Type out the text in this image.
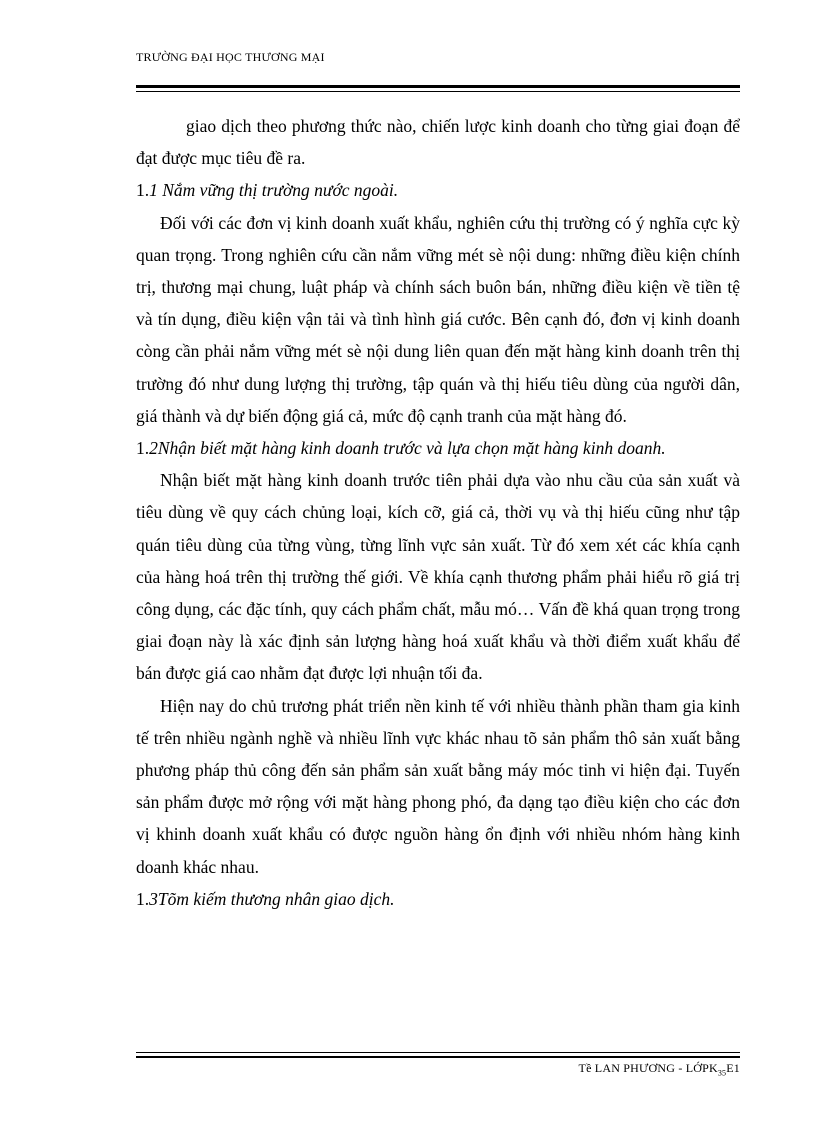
TRƯỜNG ĐẠI HỌC THƯƠNG MẠI

giao dịch theo phương thức nào, chiến lược kinh doanh cho từng giai đoạn để đạt được mục tiêu đề ra.

1.1 Nắm vững thị trường nước ngoài.

Đối với các đơn vị kinh doanh xuất khẩu, nghiên cứu thị trường có ý nghĩa cực kỳ quan trọng. Trong nghiên cứu cần nắm vững mét sè nội dung: những điều kiện chính trị, thương mại chung, luật pháp và chính sách buôn bán, những điều kiện về tiền tệ và tín dụng, điều kiện vận tải và tình hình giá cước. Bên cạnh đó, đơn vị kinh doanh còng cần phải nắm vững mét sè nội dung liên quan đến mặt hàng kinh doanh trên thị trường đó như dung lượng thị trường, tập quán và thị hiếu tiêu dùng của người dân, giá thành và dự biến động giá cả, mức độ cạnh tranh của mặt hàng đó.

1.2Nhận biết mặt hàng kinh doanh trước và lựa chọn mặt hàng kinh doanh.

Nhận biết mặt hàng kinh doanh trước tiên phải dựa vào nhu cầu của sản xuất và tiêu dùng về quy cách chủng loại, kích cỡ, giá cả, thời vụ và thị hiếu cũng như tập quán tiêu dùng của từng vùng, từng lĩnh vực sản xuất. Từ đó xem xét các khía cạnh của hàng hoá trên thị trường thế giới. Về khía cạnh thương phẩm phải hiểu rõ giá trị công dụng, các đặc tính, quy cách phẩm chất, mẫu mó… Vấn đề khá quan trọng trong giai đoạn này là xác định sản lượng hàng hoá xuất khẩu và thời điểm xuất khẩu để bán được giá cao nhằm đạt được lợi nhuận tối đa.

Hiện nay do chủ trương phát triển nền kinh tế với nhiều thành phần tham gia kinh tế trên nhiều ngành nghề và nhiều lĩnh vực khác nhau tõ sản phẩm thô sản xuất bằng phương pháp thủ công đến sản phẩm sản xuất bằng máy móc tinh vi hiện đại. Tuyến sản phẩm được mở rộng với mặt hàng phong phó, đa dạng tạo điều kiện cho các đơn vị khinh doanh xuất khẩu có được nguồn hàng ổn định với nhiều nhóm hàng kinh doanh khác nhau.

1.3Tõm kiếm thương nhân giao dịch.

Tề LAN PHƯƠNG - LỚPK$_{35}$E1
